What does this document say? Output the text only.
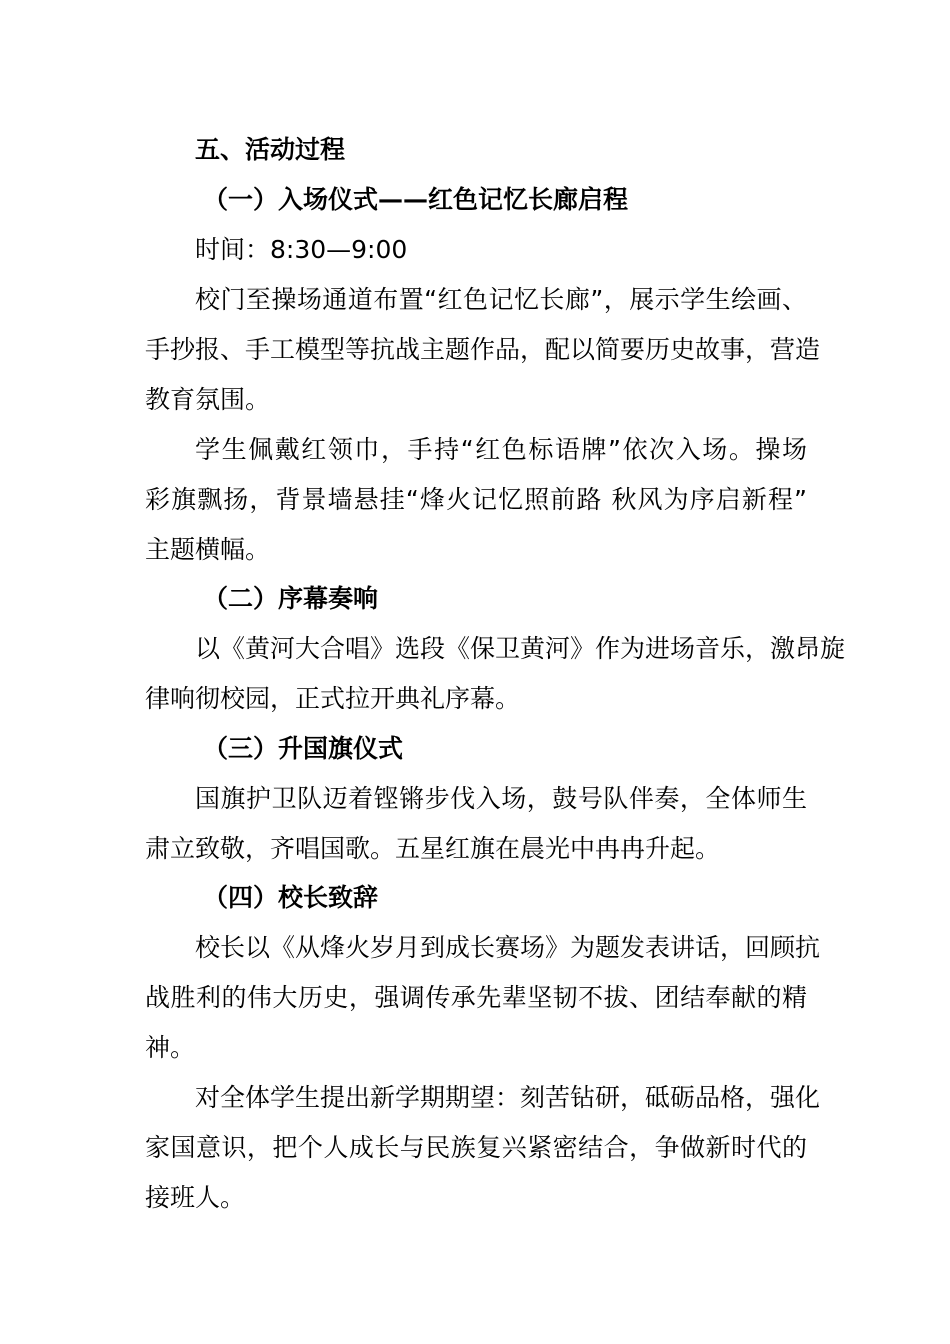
五、活动过程
（一）入场仪式——红色记忆长廊启程
时间：8:30—9:00
校门至操场通道布置“红色记忆长廊”，展示学生绘画、
手抄报、手工模型等抗战主题作品，配以简要历史故事，营造
教育氛围。
学生佩戴红领巾，手持“红色标语牌”依次入场。操场
彩旗飘扬，背景墙悬挂“烽火记忆照前路 秋风为序启新程”
主题横幅。
（二）序幕奏响
以《黄河大合唱》选段《保卫黄河》作为进场音乐，激昂旋
律响彻校园，正式拉开典礼序幕。
（三）升国旗仪式
国旗护卫队迈着铿锵步伐入场，鼓号队伴奏，全体师生
肃立致敬，齐唱国歌。五星红旗在晨光中冉冉升起。
（四）校长致辞
校长以《从烽火岁月到成长赛场》为题发表讲话，回顾抗
战胜利的伟大历史，强调传承先辈坚韧不拔、团结奉献的精
神。
对全体学生提出新学期期望：刻苦钻研，砥砺品格，强化
家国意识，把个人成长与民族复兴紧密结合，争做新时代的
接班人。
